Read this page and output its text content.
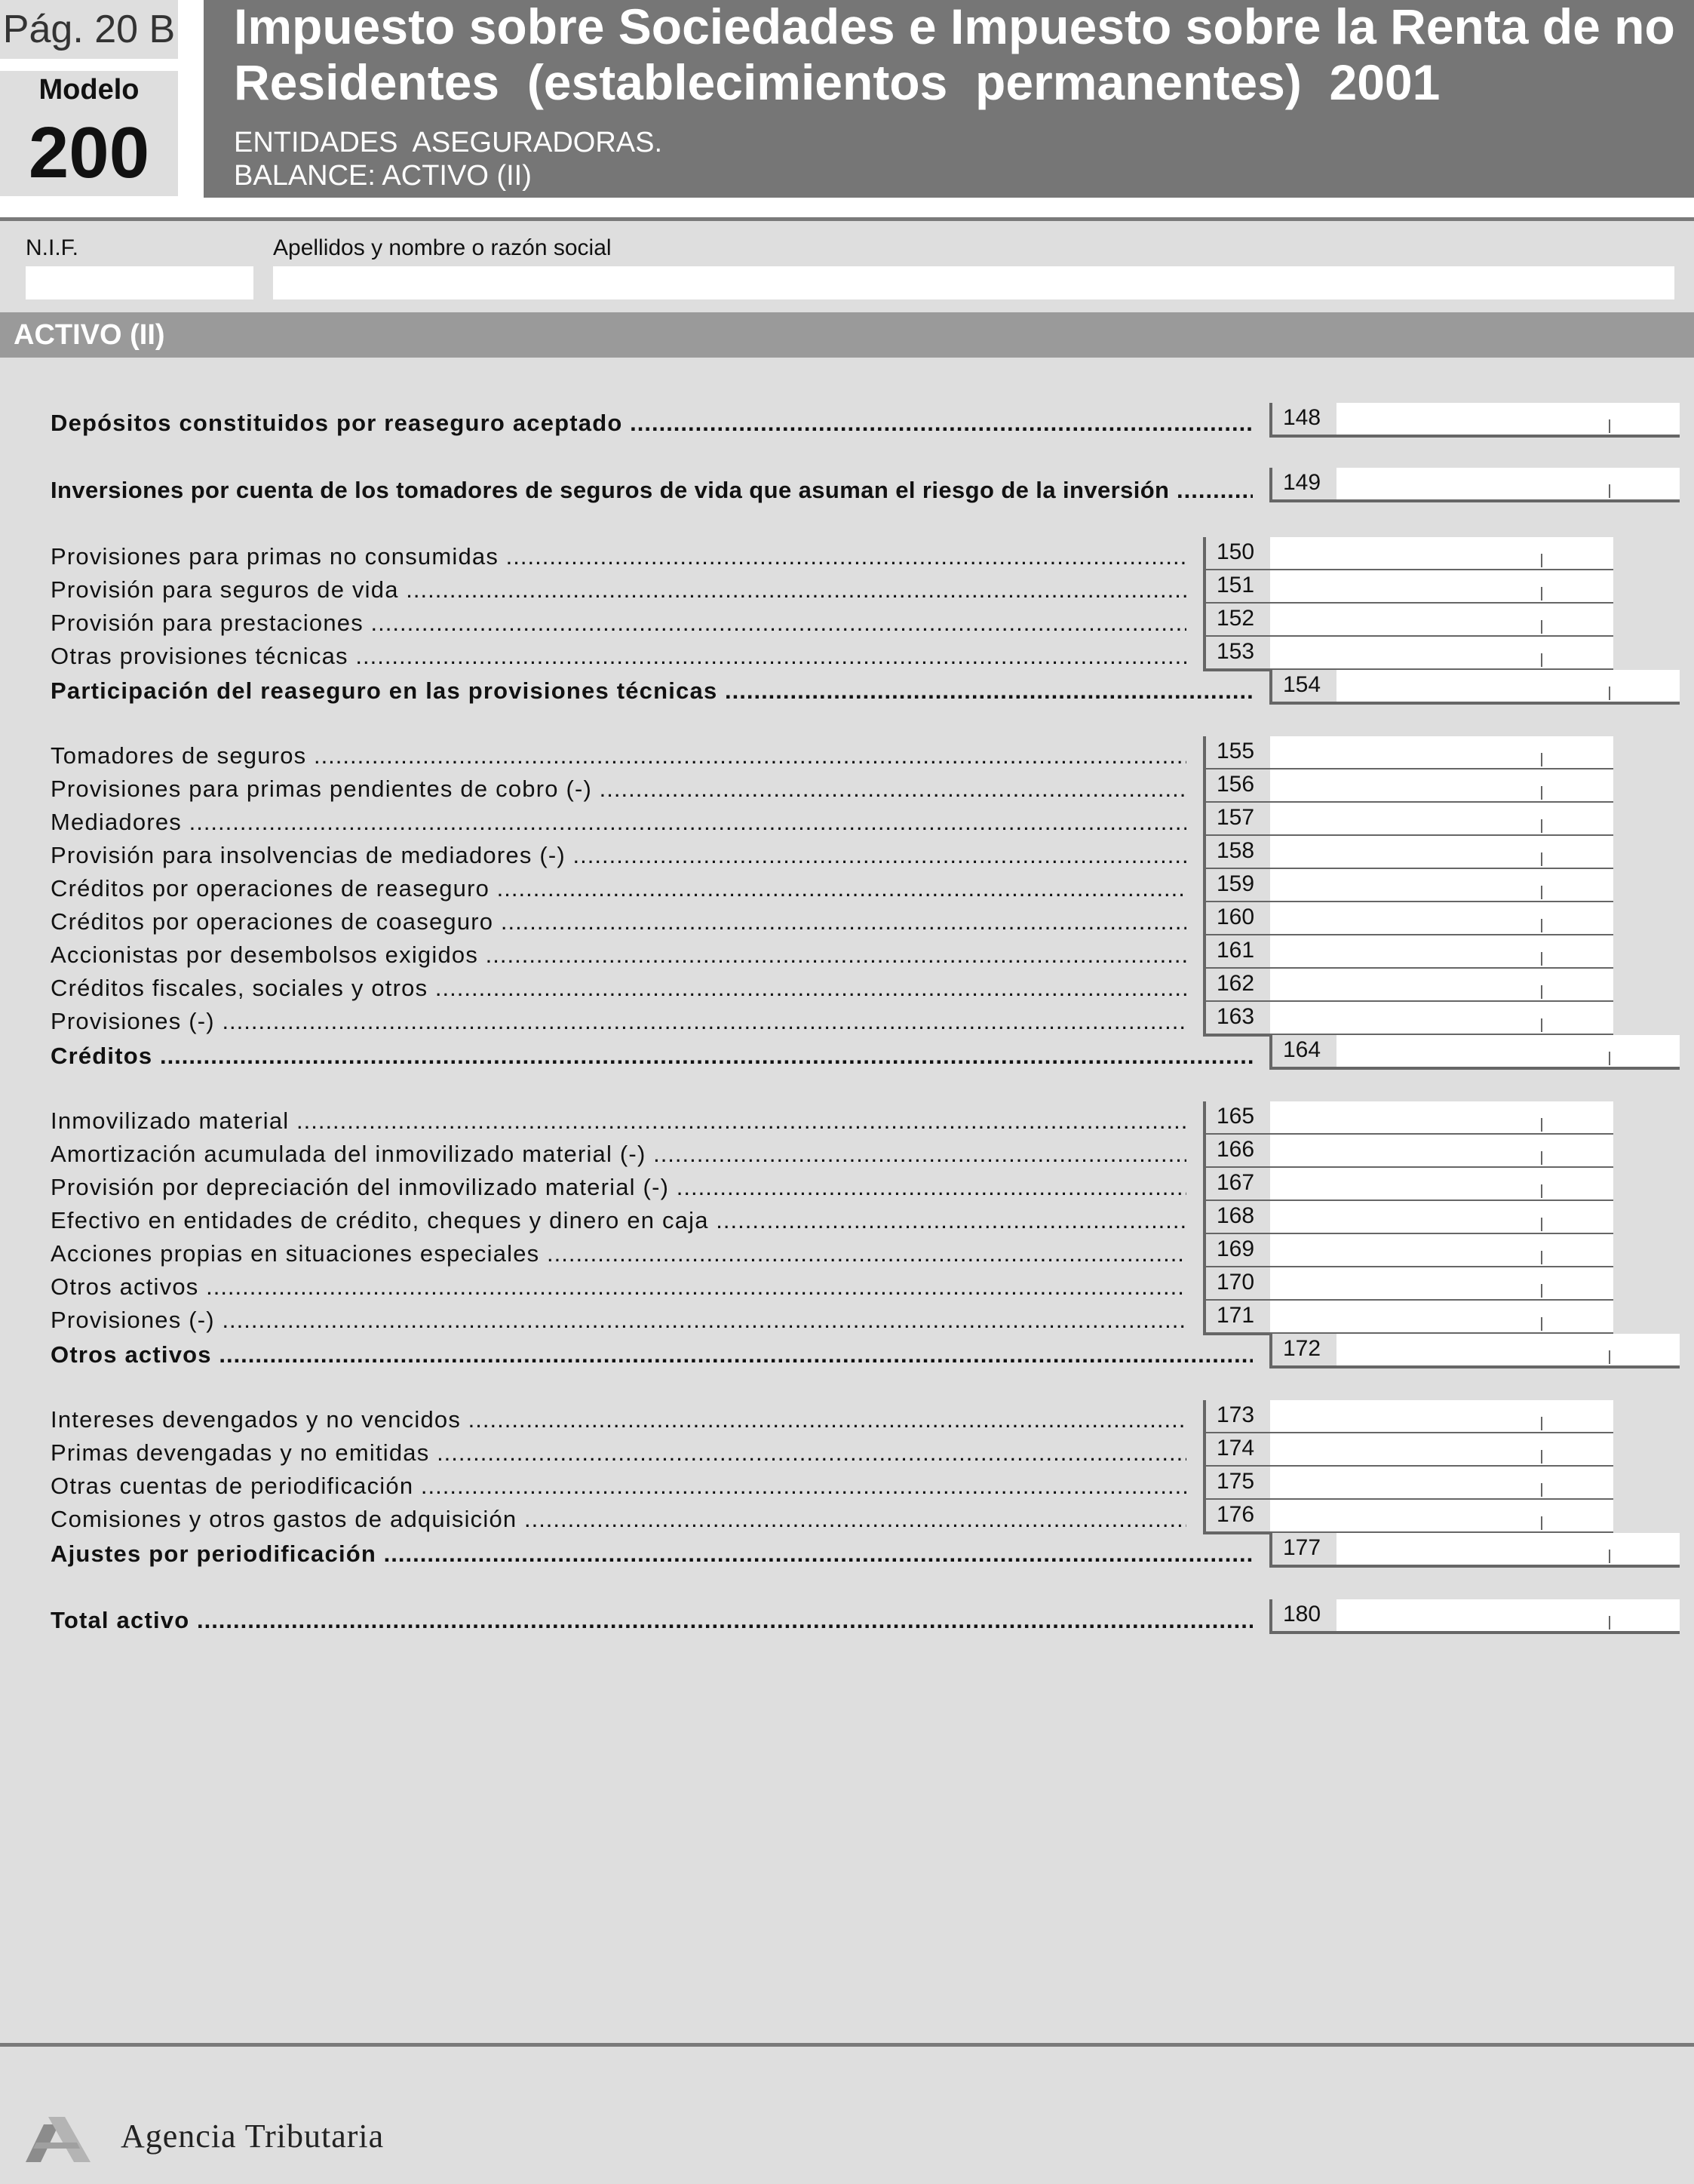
Pág. 20 B
Modelo
200
Impuesto sobre Sociedades e Impuesto sobre la Renta de no
Residentes  (establecimientos  permanentes)  2001
ENTIDADES  ASEGURADORAS.
BALANCE: ACTIVO (II)
N.I.F.	Apellidos y nombre o razón social
ACTIVO (II)
Depósitos constituidos por reaseguro aceptado .....	148
Inversiones por cuenta de los tomadores de seguros de vida que asuman el riesgo de la inversión .....	149
Provisiones para primas no consumidas .....	150
Provisión para seguros de vida .....	151
Provisión para prestaciones .....	152
Otras provisiones técnicas .....	153
Participación del reaseguro en las provisiones técnicas .....	154
Tomadores de seguros .....	155
Provisiones para primas pendientes de cobro (-) .....	156
Mediadores .....	157
Provisión para insolvencias de mediadores (-) .....	158
Créditos por operaciones de reaseguro .....	159
Créditos por operaciones de coaseguro .....	160
Accionistas por desembolsos exigidos .....	161
Créditos fiscales, sociales y otros .....	162
Provisiones (-) .....	163
Créditos .....	164
Inmovilizado material .....	165
Amortización acumulada del inmovilizado material (-) .....	166
Provisión por depreciación del inmovilizado material (-) .....	167
Efectivo en entidades de crédito, cheques y dinero en caja .....	168
Acciones propias en situaciones especiales .....	169
Otros activos .....	170
Provisiones (-) .....	171
Otros activos .....	172
Intereses devengados y no vencidos .....	173
Primas devengadas y no emitidas .....	174
Otras cuentas de periodificación .....	175
Comisiones y otros gastos de adquisición .....	176
Ajustes por periodificación .....	177
Total activo .....	180
Agencia Tributaria
